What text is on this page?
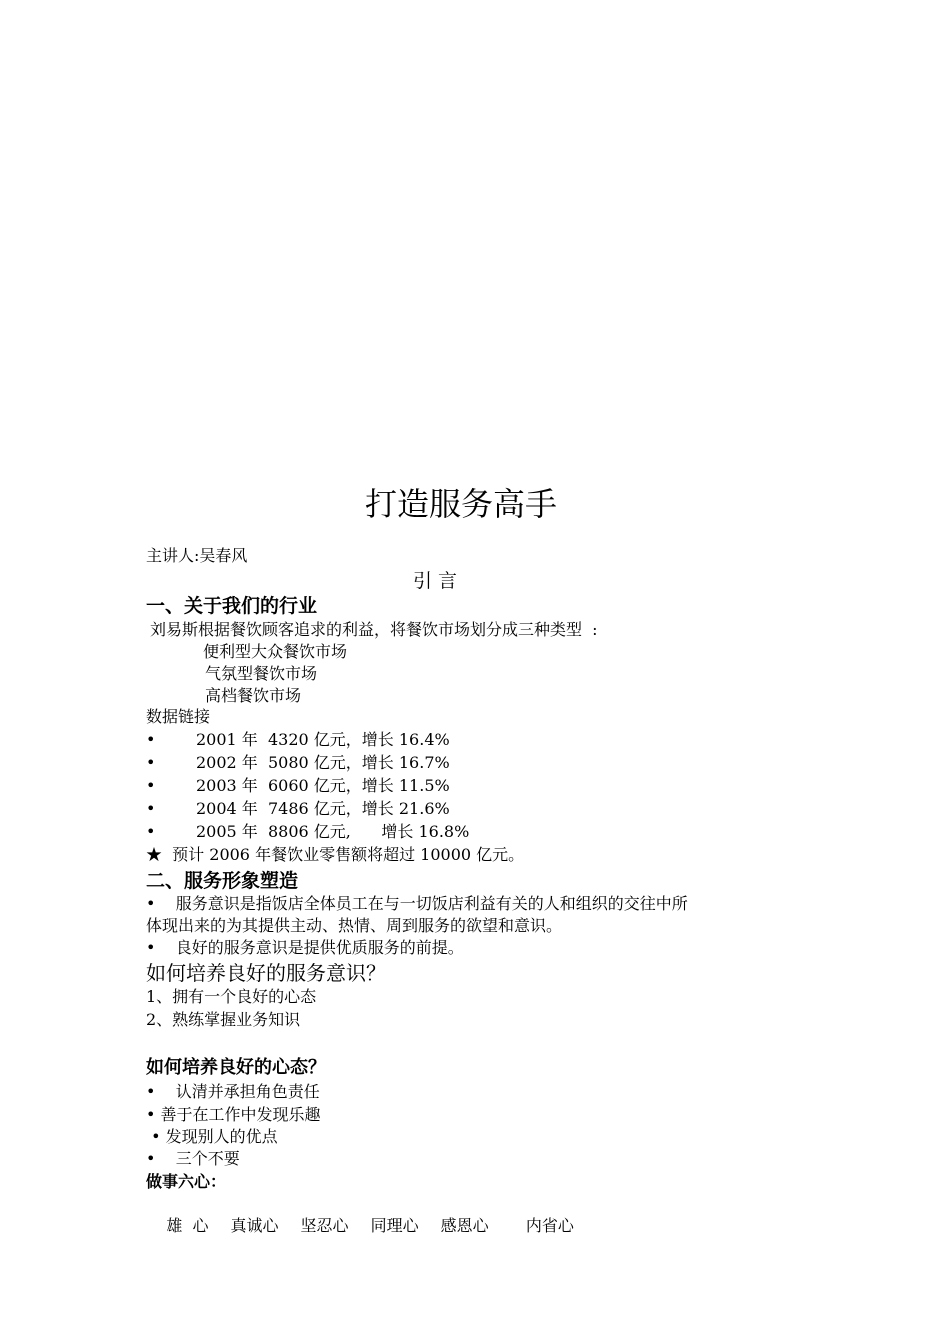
打造服务高手
主讲人:吴春风
引 言
一、关于我们的行业
刘易斯根据餐饮顾客追求的利益，将餐饮市场划分成三种类型  :
便利型大众餐饮市场
气氛型餐饮市场
高档餐饮市场
数据链接
•	2001 年  4320 亿元，增长 16.4%
•	2002 年  5080 亿元，增长 16.7%
•	2003 年  6060 亿元，增长 11.5%
•	2004 年  7486 亿元，增长 21.6%
•	2005 年  8806 亿元,      增长 16.8%
★  预计 2006 年餐饮业零售额将超过 10000 亿元。
二、服务形象塑造
•    服务意识是指饭店全体员工在与一切饭店利益有关的人和组织的交往中所
体现出来的为其提供主动、热情、周到服务的欲望和意识。
•    良好的服务意识是提供优质服务的前提。
如何培养良好的服务意识？
1、拥有一个良好的心态
2、熟练掌握业务知识
如何培养良好的心态？
•    认清并承担角色责任
• 善于在工作中发现乐趣
• 发现别人的优点
•    三个不要
做事六心：

雄  心 真诚心 坚忍心 同理心 感恩心   内省心
